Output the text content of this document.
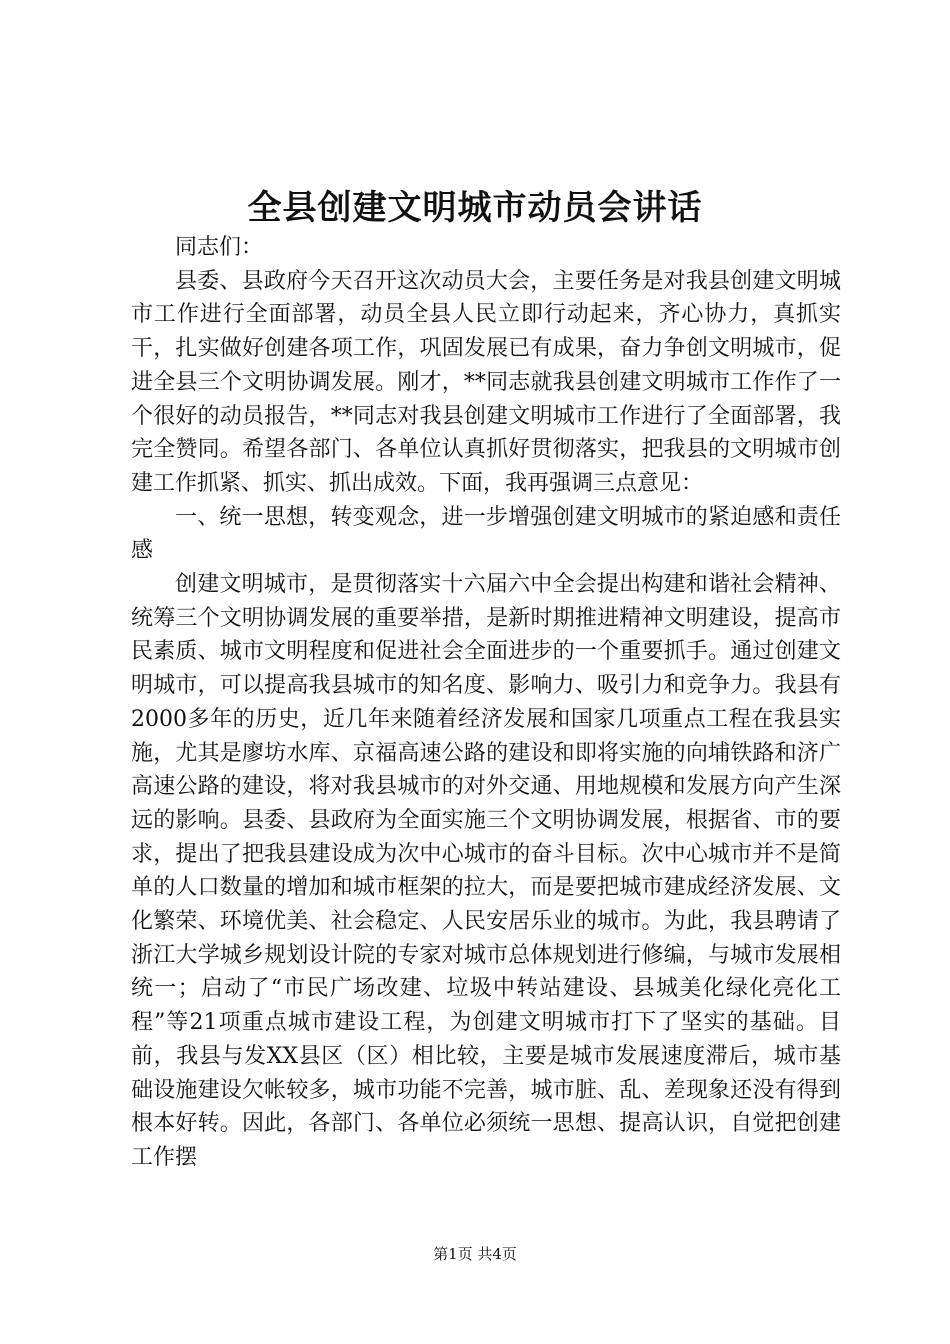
全县创建文明城市动员会讲话

同志们：

县委、县政府今天召开这次动员大会，主要任务是对我县创建文明城市工作进行全面部署，动员全县人民立即行动起来，齐心协力，真抓实干，扎实做好创建各项工作，巩固发展已有成果，奋力争创文明城市，促进全县三个文明协调发展。刚才，**同志就我县创建文明城市工作作了一个很好的动员报告，**同志对我县创建文明城市工作进行了全面部署，我完全赞同。希望各部门、各单位认真抓好贯彻落实，把我县的文明城市创建工作抓紧、抓实、抓出成效。下面，我再强调三点意见：

一、统一思想，转变观念，进一步增强创建文明城市的紧迫感和责任感

创建文明城市，是贯彻落实十六届六中全会提出构建和谐社会精神、统筹三个文明协调发展的重要举措，是新时期推进精神文明建设，提高市民素质、城市文明程度和促进社会全面进步的一个重要抓手。通过创建文明城市，可以提高我县城市的知名度、影响力、吸引力和竞争力。我县有2000多年的历史，近几年来随着经济发展和国家几项重点工程在我县实施，尤其是廖坊水库、京福高速公路的建设和即将实施的向埔铁路和济广高速公路的建设，将对我县城市的对外交通、用地规模和发展方向产生深远的影响。县委、县政府为全面实施三个文明协调发展，根据省、市的要求，提出了把我县建设成为次中心城市的奋斗目标。次中心城市并不是简单的人口数量的增加和城市框架的拉大，而是要把城市建成经济发展、文化繁荣、环境优美、社会稳定、人民安居乐业的城市。为此，我县聘请了浙江大学城乡规划设计院的专家对城市总体规划进行修编，与城市发展相统一；启动了“市民广场改建、垃圾中转站建设、县城美化绿化亮化工程”等21项重点城市建设工程，为创建文明城市打下了坚实的基础。目前，我县与发XX县区（区）相比较，主要是城市发展速度滞后，城市基础设施建设欠帐较多，城市功能不完善，城市脏、乱、差现象还没有得到根本好转。因此，各部门、各单位必须统一思想、提高认识，自觉把创建工作摆

第1页 共4页
